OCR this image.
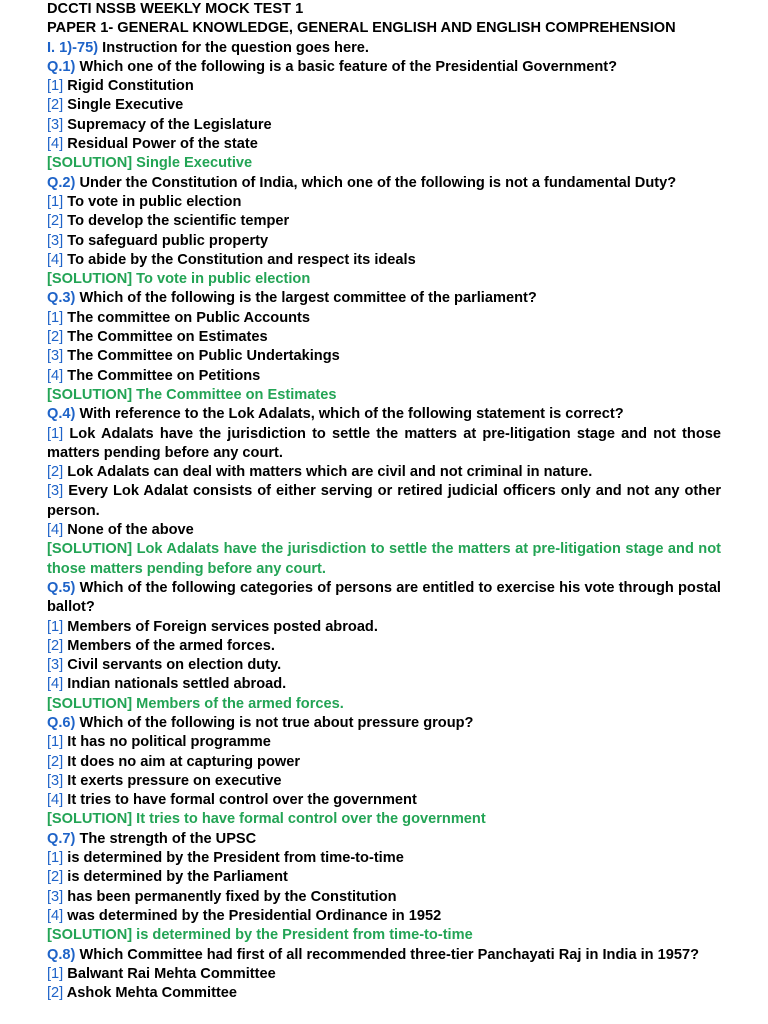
DCCTI NSSB WEEKLY MOCK TEST 1
PAPER 1- GENERAL KNOWLEDGE, GENERAL ENGLISH AND ENGLISH COMPREHENSION
I. 1)-75) Instruction for the question goes here.
Q.1) Which one of the following is a basic feature of the Presidential Government?
[1] Rigid Constitution
[2] Single Executive
[3] Supremacy of the Legislature
[4] Residual Power of the state
[SOLUTION] Single Executive
Q.2) Under the Constitution of India, which one of the following is not a fundamental Duty?
[1] To vote in public election
[2] To develop the scientific temper
[3] To safeguard public property
[4] To abide by the Constitution and respect its ideals
[SOLUTION] To vote in public election
Q.3) Which of the following is the largest committee of the parliament?
[1] The committee on Public Accounts
[2] The Committee on Estimates
[3] The Committee on Public Undertakings
[4] The Committee on Petitions
[SOLUTION] The Committee on Estimates
Q.4) With reference to the Lok Adalats, which of the following statement is correct?
[1] Lok Adalats have the jurisdiction to settle the matters at pre-litigation stage and not those matters pending before any court.
[2] Lok Adalats can deal with matters which are civil and not criminal in nature.
[3] Every Lok Adalat consists of either serving or retired judicial officers only and not any other person.
[4] None of the above
[SOLUTION] Lok Adalats have the jurisdiction to settle the matters at pre-litigation stage and not those matters pending before any court.
Q.5) Which of the following categories of persons are entitled to exercise his vote through postal ballot?
[1] Members of Foreign services posted abroad.
[2] Members of the armed forces.
[3] Civil servants on election duty.
[4] Indian nationals settled abroad.
[SOLUTION] Members of the armed forces.
Q.6) Which of the following is not true about pressure group?
[1] It has no political programme
[2] It does no aim at capturing power
[3] It exerts pressure on executive
[4] It tries to have formal control over the government
[SOLUTION] It tries to have formal control over the government
Q.7) The strength of the UPSC
[1] is determined by the President from time-to-time
[2] is determined by the Parliament
[3] has been permanently fixed by the Constitution
[4] was determined by the Presidential Ordinance in 1952
[SOLUTION] is determined by the President from time-to-time
Q.8) Which Committee had first of all recommended three-tier Panchayati Raj in India in 1957?
[1] Balwant Rai Mehta Committee
[2] Ashok Mehta Committee
